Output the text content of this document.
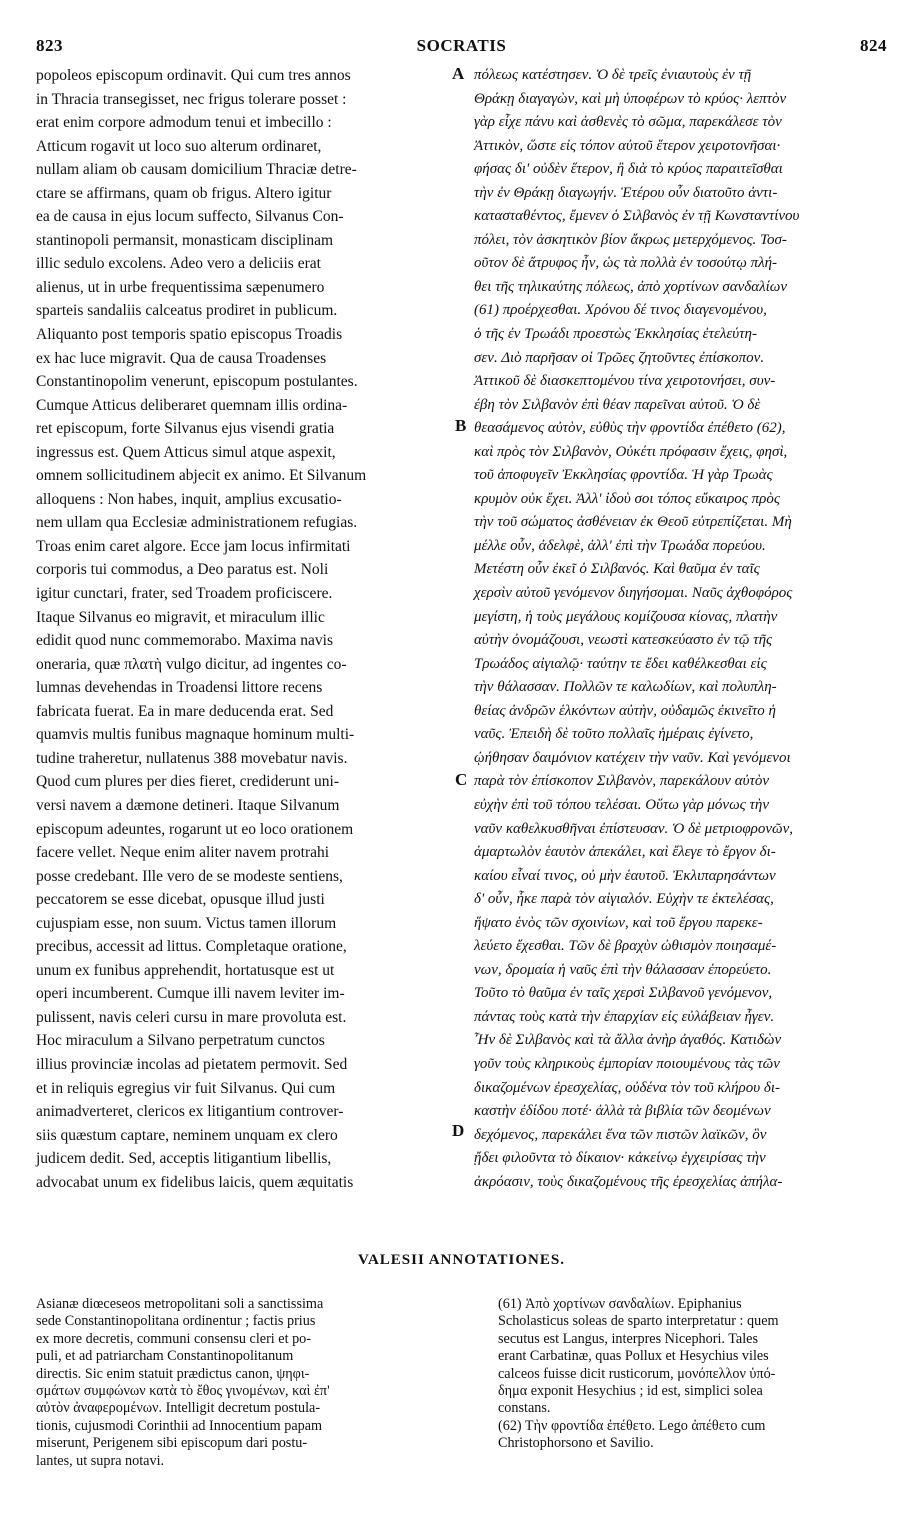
823	SOCRATIS	824
popoleos episcopum ordinavit. Qui cum tres annos
in Thracia transegisset, nec frigus tolerare posset :
erat enim corpore admodum tenui et imbecillo :
Atticum rogavit ut loco suo alterum ordinaret,
nullam aliam ob causam domicilium Thraciæ detre-
ctare se affirmans, quam ob frigus. Altero igitur
ea de causa in ejus locum suffecto, Silvanus Con-
stantinopoli permansit, monasticam disciplinam
illic sedulo excolens. Adeo vero a deliciis erat
alienus, ut in urbe frequentissima sæpenumero
sparteis sandaliis calceatus prodiret in publicum.
Aliquanto post temporis spatio episcopus Troadis
ex hac luce migravit. Qua de causa Troadenses
Constantinopolim venerunt, episcopum postulantes.
Cumque Atticus deliberaret quemnam illis ordina-
ret episcopum, forte Silvanus ejus visendi gratia
ingressus est. Quem Atticus simul atque aspexit,
omnem sollicitudinem abjecit ex animo. Et Silvanum
alloquens : Non habes, inquit, amplius excusatio-
nem ullam qua Ecclesiæ administrationem refugias.
Troas enim caret algore. Ecce jam locus infirmitati
corporis tui commodus, a Deo paratus est. Noli
igitur cunctari, frater, sed Troadem proficiscere.
Itaque Silvanus eo migravit, et miraculum illic
edidit quod nunc commemorabo. Maxima navis
oneraria, quæ πλατὴ vulgo dicitur, ad ingentes co-
lumnas devehendas in Troadensi littore recens
fabricata fuerat. Ea in mare deducenda erat. Sed
quamvis multis funibus magnaque hominum multi-
tudine traheretur, nullatenus 388 movebatur navis.
Quod cum plures per dies fieret, crediderunt uni-
versi navem a dæmone detineri. Itaque Silvanum
episcopum adeuntes, rogarunt ut eo loco orationem
facere vellet. Neque enim aliter navem protrahi
posse credebant. Ille vero de se modeste sentiens,
peccatorem se esse dicebat, opusque illud justi
cujuspiam esse, non suum. Victus tamen illorum
precibus, accessit ad littus. Completaque oratione,
unum ex funibus apprehendit, hortatusque est ut
operi incumberent. Cumque illi navem leviter im-
pulissent, navis celeri cursu in mare provoluta est.
Hoc miraculum a Silvano perpetratum cunctos
illius provinciæ incolas ad pietatem permovit. Sed
et in reliquis egregius vir fuit Silvanus. Qui cum
animadverteret, clericos ex litigantium controver-
siis quæstum captare, neminem unquam ex clero
judicem dedit. Sed, acceptis litigantium libellis,
advocabat unum ex fidelibus laicis, quem æquitatis
πόλεως κατέστησεν. Ὁ δὲ τρεῖς ἐνιαυτοὺς ἐν τῇ
Θράκῃ διαγαγὼν, καὶ μὴ ὑποφέρων τὸ κρύος· λεπτὸν
γὰρ εἶχε πάνυ καὶ ἀσθενὲς τὸ σῶμα, παρεκάλεσε τὸν
Ἀττικὸν, ὥστε εἰς τόπον αὐτοῦ ἕτερον χειροτονῆσαι·
φήσας δι' οὐδὲν ἕτερον, ἢ διὰ τὸ κρύος παραιτεῖσθαι
τὴν ἐν Θράκῃ διαγωγήν. Ἑτέρου οὖν διατοῦτο ἀντι-
κατασταθέντος, ἔμενεν ὁ Σιλβανὸς ἐν τῇ Κωνσταντίνου
πόλει, τὸν ἀσκητικὸν βίον ἄκρως μετερχόμενος. Τοσ-
οῦτον δὲ ἄτρυφος ἦν, ὡς τὰ πολλὰ ἐν τοσούτῳ πλή-
θει τῆς τηλικαύτης πόλεως, ἀπὸ χορτίνων σανδαλίων
(61) προέρχεσθαι. Χρόνου δέ τινος διαγενομένου,
ὁ τῆς ἐν Τρωάδι προεστὼς Ἐκκλησίας ἐτελεύτη-
σεν. Διὸ παρῆσαν οἱ Τρῶες ζητοῦντες ἐπίσκοπον.
Ἀττικοῦ δὲ διασκεπτομένου τίνα χειροτονήσει, συν-
έβη τὸν Σιλβανὸν ἐπὶ θέαν παρεῖναι αὐτοῦ. Ὁ δὲ
θεασάμενος αὐτὸν, εὐθὺς τὴν φροντίδα ἐπέθετο (62),
καὶ πρὸς τὸν Σιλβανὸν, Οὐκέτι πρόφασιν ἔχεις, φησὶ,
τοῦ ἀποφυγεῖν Ἐκκλησίας φροντίδα. Ἡ γὰρ Τρωὰς
κρυμὸν οὐκ ἔχει. Ἀλλ' ἰδοὺ σοι τόπος εὔκαιρος πρὸς
τὴν τοῦ σώματος ἀσθένειαν ἐκ Θεοῦ εὐτρεπίζεται. Μὴ
μέλλε οὖν, ἀδελφὲ, ἀλλ' ἐπὶ τὴν Τρωάδα πορεύου.
Μετέστη οὖν ἐκεῖ ὁ Σιλβανός. Καὶ θαῦμα ἐν ταῖς
χερσὶν αὐτοῦ γενόμενον διηγήσομαι. Ναῦς ἀχθοφόρος
μεγίστη, ἡ τοὺς μεγάλους κομίζουσα κίονας, πλατὴν
αὐτὴν ὀνομάζουσι, νεωστὶ κατεσκεύαστο ἐν τῷ τῆς
Τρωάδος αἰγιαλῷ· ταύτην τε ἔδει καθέλκεσθαι εἰς
τὴν θάλασσαν. Πολλῶν τε καλωδίων, καὶ πολυπλη-
θείας ἀνδρῶν ἑλκόντων αὐτὴν, οὐδαμῶς ἐκινεῖτο ἡ
ναῦς. Ἐπειδὴ δὲ τοῦτο πολλαῖς ἡμέραις ἐγίνετο,
ᾠήθησαν δαιμόνιον κατέχειν τὴν ναῦν. Καὶ γενόμενοι
παρὰ τὸν ἐπίσκοπον Σιλβανὸν, παρεκάλουν αὐτὸν
εὐχὴν ἐπὶ τοῦ τόπου τελέσαι. Οὕτω γὰρ μόνως τὴν
ναῦν καθελκυσθῆναι ἐπίστευσαν. Ὁ δὲ μετριοφρονῶν,
ἁμαρτωλὸν ἑαυτὸν ἀπεκάλει, καὶ ἔλεγε τὸ ἔργον δι-
καίου εἶναί τινος, οὐ μὴν ἑαυτοῦ. Ἐκλιπαρησάντων
δ' οὖν, ἧκε παρὰ τὸν αἰγιαλόν. Εὐχὴν τε ἐκτελέσας,
ἥψατο ἑνὸς τῶν σχοινίων, καὶ τοῦ ἔργου παρεκε-
λεύετο ἔχεσθαι. Τῶν δὲ βραχὺν ὠθισμὸν ποιησαμέ-
νων, δρομαία ἡ ναῦς ἐπὶ τὴν θάλασσαν ἐπορεύετο.
Τοῦτο τὸ θαῦμα ἐν ταῖς χερσὶ Σιλβανοῦ γενόμενον,
πάντας τοὺς κατὰ τὴν ἐπαρχίαν εἰς εὐλάβειαν ἦγεν.
Ἦν δὲ Σιλβανὸς καὶ τὰ ἄλλα ἀνὴρ ἀγαθός. Κατιδὼν
γοῦν τοὺς κληρικοὺς ἐμπορίαν ποιουμένους τὰς τῶν
δικαζομένων ἐρεσχελίας, οὐδένα τὸν τοῦ κλήρου δι-
καστὴν ἐδίδου ποτέ· ἀλλὰ τὰ βιβλία τῶν δεομένων
δεχόμενος, παρεκάλει ἕνα τῶν πιστῶν λαϊκῶν, ὃν
ᾔδει φιλοῦντα τὸ δίκαιον· κἀκείνῳ ἐγχειρίσας τὴν
ἀκρόασιν, τοὺς δικαζομένους τῆς ἐρεσχελίας ἀπήλα-
A
B
C
D
VALESII ANNOTATIONES.
Asianæ diœceseos metropolitani soli a sanctissima
sede Constantinopolitana ordinentur ; factis prius
ex more decretis, communi consensu cleri et po-
puli, et ad patriarcham Constantinopolitanum
directis. Sic enim statuit prædictus canon, ψηφι-
σμάτων συμφώνων κατὰ τὸ ἔθος γινομένων, καὶ ἐπ'
αὐτὸν ἀναφερομένων. Intelligit decretum postula-
tionis, cujusmodi Corinthii ad Innocentium papam
miserunt, Perigenem sibi episcopum dari postu-
lantes, ut supra notavi.
(61) Ἀπὸ χορτίνων σανδαλίων. Epiphanius
Scholasticus soleas de sparto interpretatur : quem
secutus est Langus, interpres Nicephori. Tales
erant Carbatinæ, quas Pollux et Hesychius viles
calceos fuisse dicit rusticorum, μονόπελλον ὑπό-
δημα exponit Hesychius ; id est, simplici solea
constans.
(62) Τὴν φροντίδα ἐπέθετο. Lego ἀπέθετο cum
Christophorsono et Savilio.
